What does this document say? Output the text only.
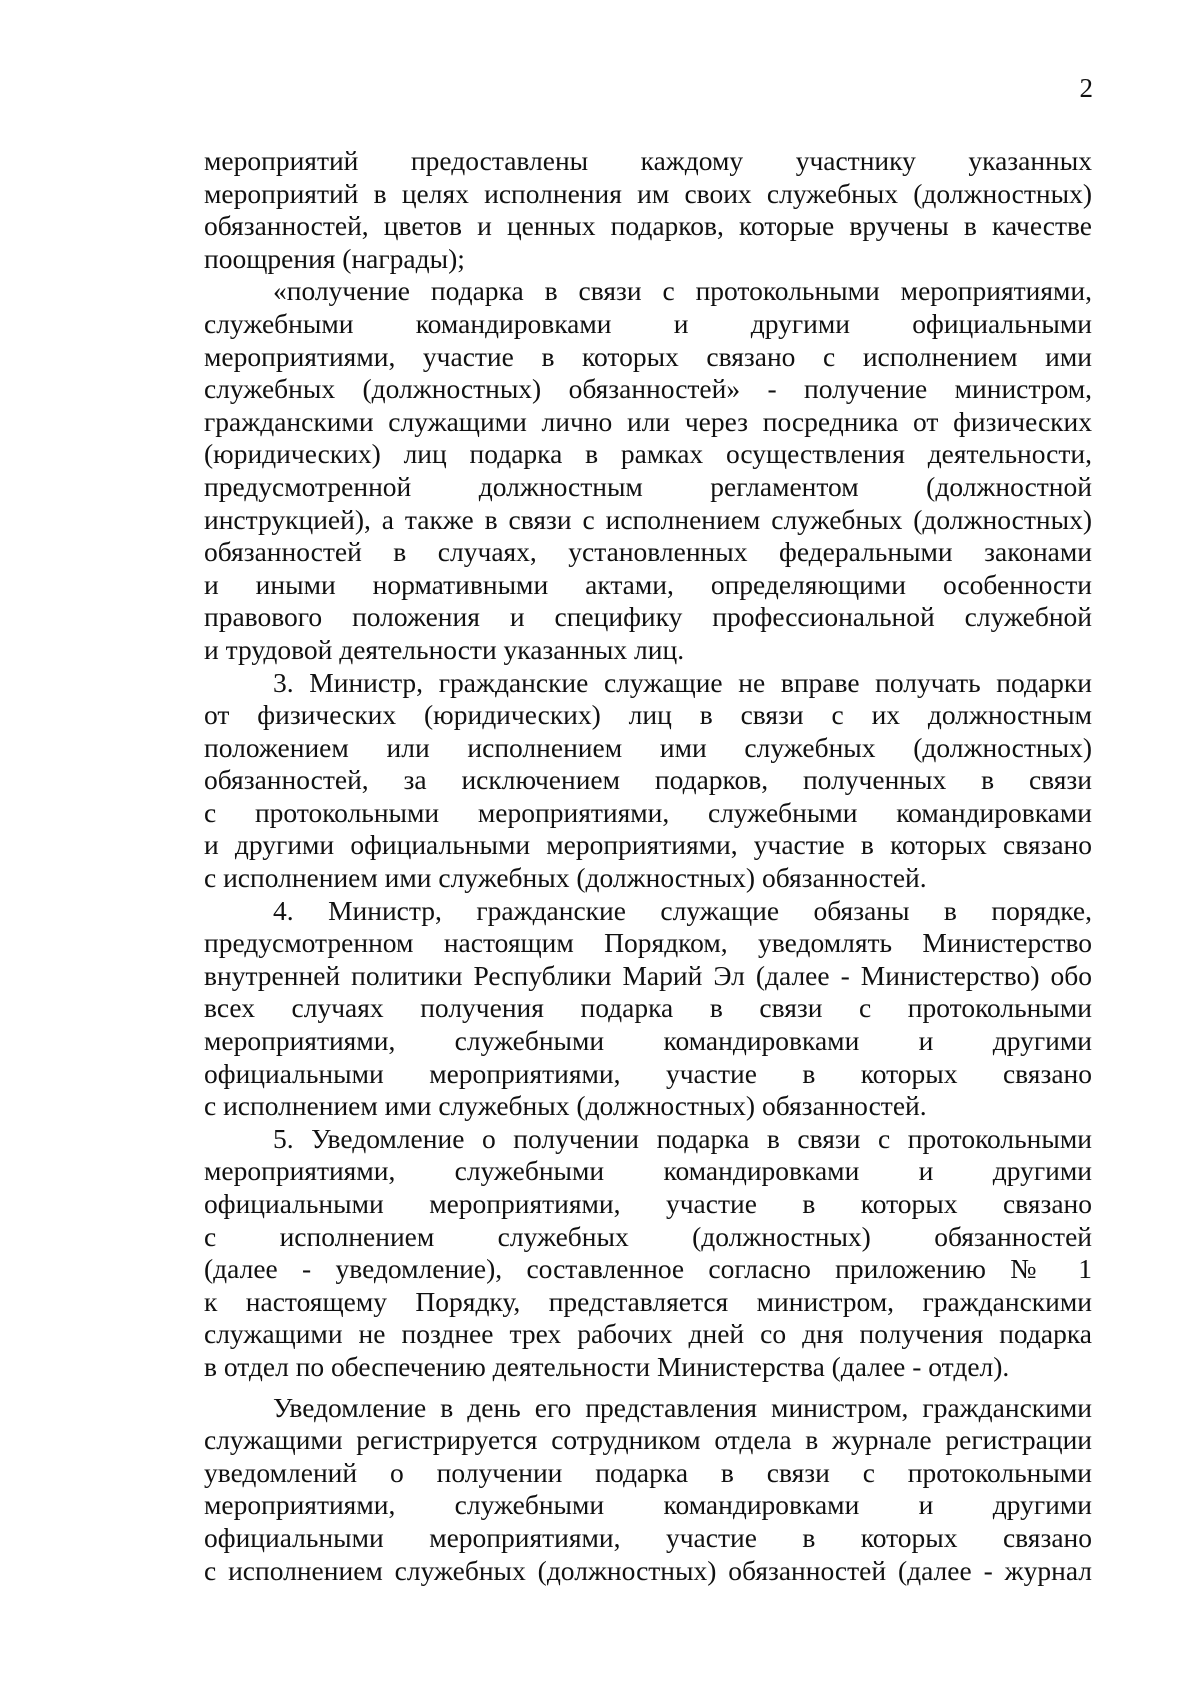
2
мероприятий предоставлены каждому участнику указанных
мероприятий в целях исполнения им своих служебных (должностных)
обязанностей, цветов и ценных подарков, которые вручены в качестве
поощрения (награды);
«получение подарка в связи с протокольными мероприятиями,
служебными командировками и другими официальными
мероприятиями, участие в которых связано с исполнением ими
служебных (должностных) обязанностей» - получение министром,
гражданскими служащими лично или через посредника от физических
(юридических) лиц подарка в рамках осуществления деятельности,
предусмотренной должностным регламентом (должностной
инструкцией), а также в связи с исполнением служебных (должностных)
обязанностей в случаях, установленных федеральными законами
и иными нормативными актами, определяющими особенности
правового положения и специфику профессиональной служебной
и трудовой деятельности указанных лиц.
3. Министр, гражданские служащие не вправе получать подарки
от физических (юридических) лиц в связи с их должностным
положением или исполнением ими служебных (должностных)
обязанностей, за исключением подарков, полученных в связи
с протокольными мероприятиями, служебными командировками
и другими официальными мероприятиями, участие в которых связано
с исполнением ими служебных (должностных) обязанностей.
4. Министр, гражданские служащие обязаны в порядке,
предусмотренном настоящим Порядком, уведомлять Министерство
внутренней политики Республики Марий Эл (далее - Министерство) обо
всех случаях получения подарка в связи с протокольными
мероприятиями, служебными командировками и другими
официальными мероприятиями, участие в которых связано
с исполнением ими служебных (должностных) обязанностей.
5. Уведомление о получении подарка в связи с протокольными
мероприятиями, служебными командировками и другими
официальными мероприятиями, участие в которых связано
с исполнением служебных (должностных) обязанностей
(далее - уведомление), составленное согласно приложению № 1
к настоящему Порядку, представляется министром, гражданскими
служащими не позднее трех рабочих дней со дня получения подарка
в отдел по обеспечению деятельности Министерства (далее - отдел).
Уведомление в день его представления министром, гражданскими
служащими регистрируется сотрудником отдела в журнале регистрации
уведомлений о получении подарка в связи с протокольными
мероприятиями, служебными командировками и другими
официальными мероприятиями, участие в которых связано
с исполнением служебных (должностных) обязанностей (далее - журнал
